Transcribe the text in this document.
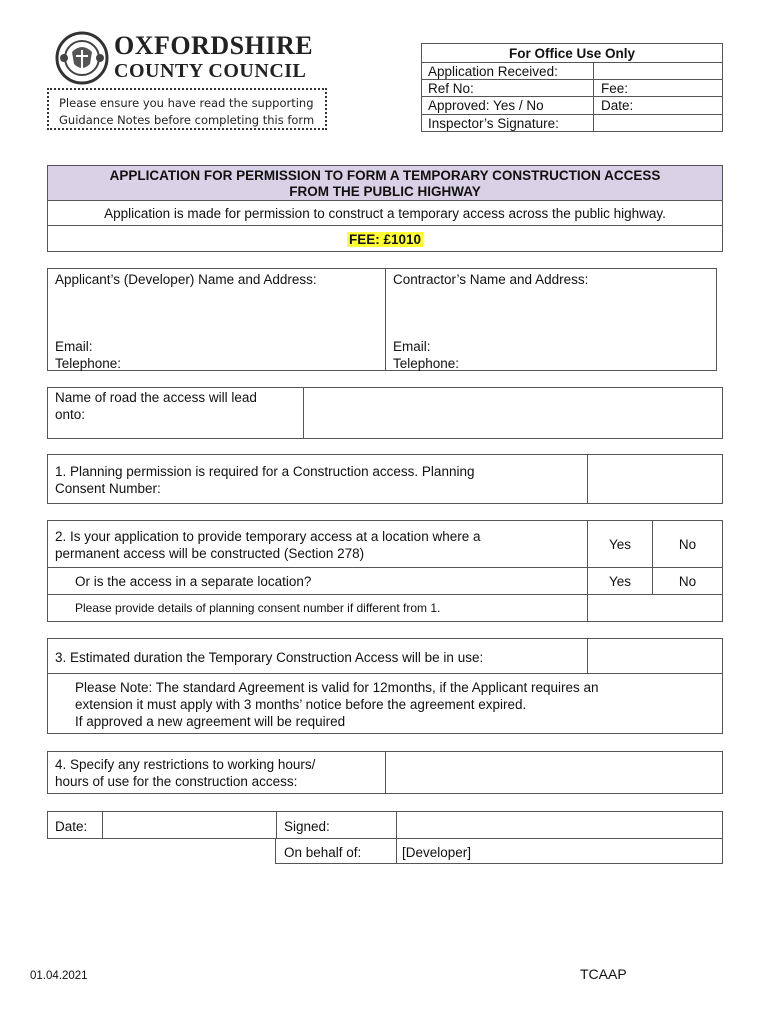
OXFORDSHIRE
COUNTY COUNCIL
Please ensure you have read the supporting
Guidance Notes before completing this form
For Office Use Only
Application Received:
Ref No:	Fee:
Approved: Yes / No	Date:
Inspector’s Signature:
APPLICATION FOR PERMISSION TO FORM A TEMPORARY CONSTRUCTION ACCESS
FROM THE PUBLIC HIGHWAY
Application is made for permission to construct a temporary access across the public highway.
FEE: £1010
Applicant’s (Developer) Name and Address:
Email:
Telephone:
Contractor’s Name and Address:
Email:
Telephone:
Name of road the access will lead
onto:
1. Planning permission is required for a Construction access. Planning
Consent Number:
2. Is your application to provide temporary access at a location where a
permanent access will be constructed (Section 278)
Yes	No
Or is the access in a separate location?	Yes	No
Please provide details of planning consent number if different from 1.
3. Estimated duration the Temporary Construction Access will be in use:
Please Note: The standard Agreement is valid for 12months, if the Applicant requires an
extension it must apply with 3 months’ notice before the agreement expired.
If approved a new agreement will be required
4. Specify any restrictions to working hours/
hours of use for the construction access:
Date:	Signed:
On behalf of:	[Developer]
01.04.2021	TCAAP
